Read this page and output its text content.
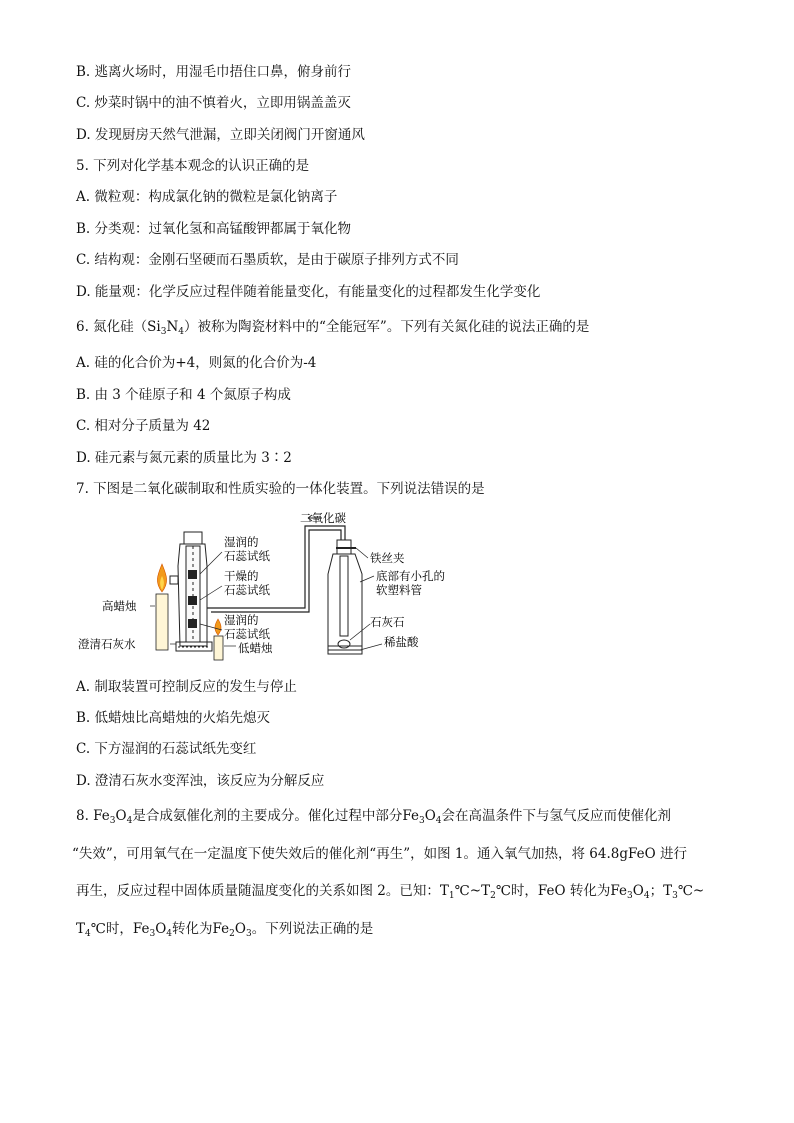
B. 逃离火场时，用湿毛巾捂住口鼻，俯身前行
C. 炒菜时锅中的油不慎着火，立即用锅盖盖灭
D. 发现厨房天然气泄漏，立即关闭阀门开窗通风
5. 下列对化学基本观念的认识正确的是
A. 微粒观：构成氯化钠的微粒是氯化钠离子
B. 分类观：过氧化氢和高锰酸钾都属于氧化物
C. 结构观：金刚石坚硬而石墨质软，是由于碳原子排列方式不同
D. 能量观：化学反应过程伴随着能量变化，有能量变化的过程都发生化学变化
6. 氮化硅$(Si_3N_4)$被称为陶瓷材料中的“全能冠军”。下列有关氮化硅的说法正确的是
A. 硅的化合价为+4，则氮的化合价为-4
B. 由 3 个硅原子和 4 个氮原子构成
C. 相对分子质量为 42
D. 硅元素与氮元素的质量比为 3∶2
7. 下图是二氧化碳制取和性质实验的一体化装置。下列说法错误的是
二氧化碳
湿润的
石蕊试纸
干燥的
石蕊试纸
湿润的
石蕊试纸
高蜡烛
澄清石灰水	低蜡烛
铁丝夹
底部有小孔的
软塑料管
石灰石
稀盐酸
A. 制取装置可控制反应的发生与停止
B. 低蜡烛比高蜡烛的火焰先熄灭
C. 下方湿润的石蕊试纸先变红
D. 澄清石灰水变浑浊，该反应为分解反应
8. $Fe_3O_4$是合成氨催化剂的主要成分。催化过程中部分$Fe_3O_4$会在高温条件下与氢气反应而使催化剂
“失效”，可用氧气在一定温度下使失效后的催化剂“再生”，如图 1。通入氧气加热，将 64.8gFeO 进行
再生，反应过程中固体质量随温度变化的关系如图 2。已知：$T_1℃\sim T_2℃$时，FeO 转化为$Fe_3O_4$；$T_3℃\sim$
$T_4℃$时，$Fe_3O_4$转化为$Fe_2O_3$。下列说法正确的是
